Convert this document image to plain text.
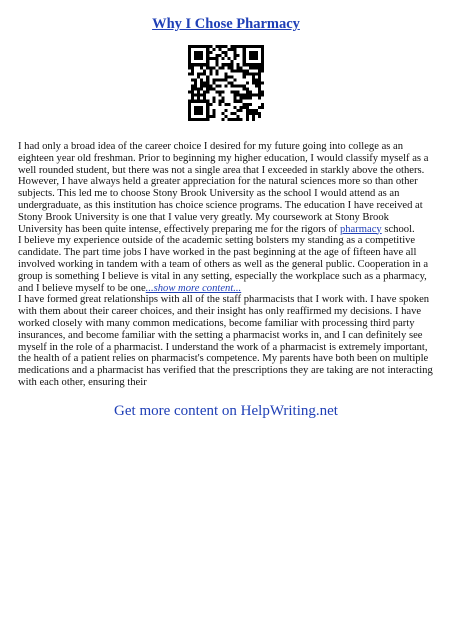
Why I Chose Pharmacy

I had only a broad idea of the career choice I desired for my future going into college as an eighteen year old freshman. Prior to beginning my higher education, I would classify myself as a well rounded student, but there was not a single area that I exceeded in starkly above the others. However, I have always held a greater appreciation for the natural sciences more so than other subjects. This led me to choose Stony Brook University as the school I would attend as an undergraduate, as this institution has choice science programs. The education I have received at Stony Brook University is one that I value very greatly. My coursework at Stony Brook University has been quite intense, effectively preparing me for the rigors of pharmacy school.

I believe my experience outside of the academic setting bolsters my standing as a competitive candidate. The part time jobs I have worked in the past beginning at the age of fifteen have all involved working in tandem with a team of others as well as the general public. Cooperation in a group is something I believe is vital in any setting, especially the workplace such as a pharmacy, and I believe myself to be one...show more content...

I have formed great relationships with all of the staff pharmacists that I work with. I have spoken with them about their career choices, and their insight has only reaffirmed my decisions. I have worked closely with many common medications, become familiar with processing third party insurances, and become familiar with the setting a pharmacist works in, and I can definitely see myself in the role of a pharmacist. I understand the work of a pharmacist is extremely important, the health of a patient relies on pharmacist's competence. My parents have both been on multiple medications and a pharmacist has verified that the prescriptions they are taking are not interacting with each other, ensuring their

Get more content on HelpWriting.net
